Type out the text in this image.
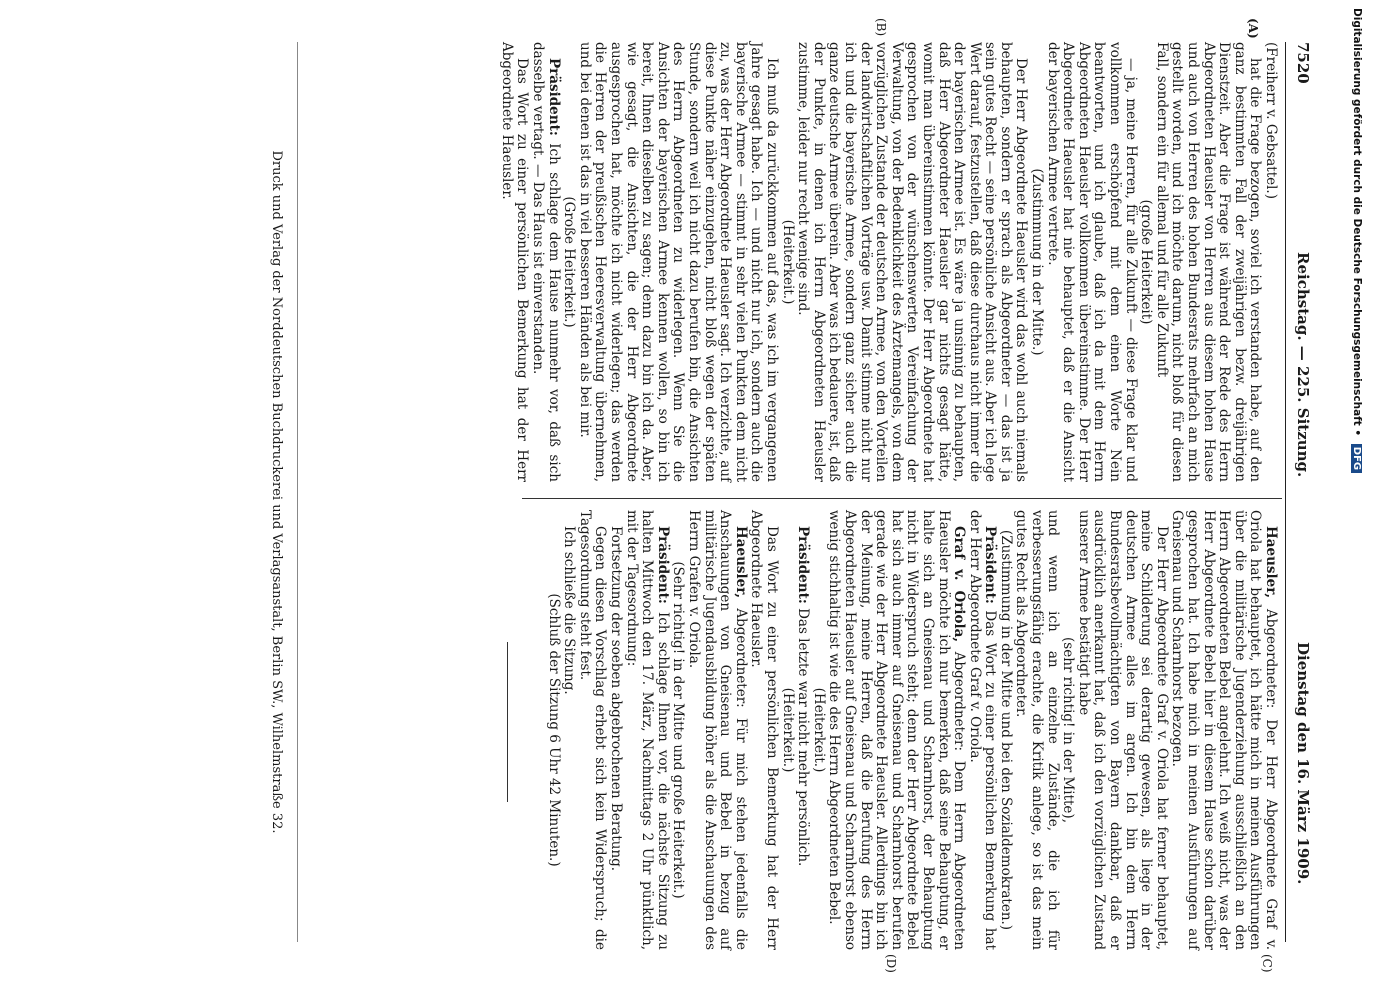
7520
Reichstag. — 225. Sitzung.
Dienstag den 16. März 1909.
(A)
(B)
(C)
(D)

(Freiherr v. Gebsattel.)

hat die Frage bezogen, soviel ich verstanden habe, auf den ganz bestimmten Fall der zweijährigen bezw. dreijährigen Dienstzeit. Aber die Frage ist während der Rede des Herrn Abgeordneten Haeusler von Herren aus diesem hohen Hause und auch von Herren des hohen Bundesrats mehrfach an mich gestellt worden, und ich möchte darum, nicht bloß für diesen Fall, sondern ein für allemal und für alle Zukunft

(große Heiterkeit)

— ja, meine Herren, für alle Zukunft — diese Frage klar und vollkommen erschöpfend mit dem einen Worte Nein beantworten, und ich glaube, daß ich da mit dem Herrn Abgeordneten Haeusler vollkommen übereinstimme. Der Herr Abgeordnete Haeusler hat nie behauptet, daß er die Ansicht der bayerischen Armee vertrete.

(Zustimmung in der Mitte.)

Der Herr Abgeordnete Haeusler wird das wohl auch niemals behaupten, sondern er sprach als Abgeordneter — das ist ja sein gutes Recht — seine persönliche Ansicht aus. Aber ich lege Wert darauf, festzustellen, daß diese durchaus nicht immer die der bayerischen Armee ist. Es wäre ja unsinnig zu behaupten, daß Herr Abgeordneter Haeusler gar nichts gesagt hätte, womit man übereinstimmen könnte. Der Herr Abgeordnete hat gesprochen von der wünschenswerten Vereinfachung der Verwaltung, von der Bedenklichkeit des Ärztemangels, von dem vorzüglichen Zustande der deutschen Armee, von den Vorteilen der landwirtschaftlichen Vorträge usw. Damit stimme nicht nur ich und die bayerische Armee, sondern ganz sicher auch die ganze deutsche Armee überein. Aber was ich bedauere, ist, daß der Punkte, in denen ich Herrn Abgeordneten Haeusler zustimme, leider nur recht wenige sind.

(Heiterkeit.)

Ich muß da zurückkommen auf das, was ich im vergangenen Jahre gesagt habe. Ich — und nicht nur ich, sondern auch die bayerische Armee — stimmt in sehr vielen Punkten dem nicht zu, was der Herr Abgeordnete Haeusler sagt. Ich verzichte, auf diese Punkte näher einzugehen, nicht bloß wegen der späten Stunde, sondern weil ich nicht dazu berufen bin, die Ansichten des Herrn Abgeordneten zu widerlegen. Wenn Sie die Ansichten der bayerischen Armee kennen wollen, so bin ich bereit, Ihnen dieselben zu sagen; denn dazu bin ich da. Aber, wie gesagt, die Ansichten, die der Herr Abgeordnete ausgesprochen hat, möchte ich nicht widerlegen; das werden die Herren der preußischen Heeresverwaltung übernehmen, und bei denen ist das in viel besseren Händen als bei mir.

(Große Heiterkeit.)

Präsident: Ich schlage dem Hause nunmehr vor, daß sich dasselbe vertagt. — Das Haus ist einverstanden.

Das Wort zu einer persönlichen Bemerkung hat der Herr Abgeordnete Haeusler.

Haeusler, Abgeordneter: Der Herr Abgeordnete Graf v. Oriola hat behauptet, ich hätte mich in meinen Ausführungen über die militärische Jugenderziehung ausschließlich an den Herrn Abgeordneten Bebel angelehnt. Ich weiß nicht, was der Herr Abgeordnete Bebel hier in diesem Hause schon darüber gesprochen hat. Ich habe mich in meinen Ausführungen auf Gneisenau und Scharnhorst bezogen.

Der Herr Abgeordnete Graf v. Oriola hat ferner behauptet, meine Schilderung sei derartig gewesen, als liege in der deutschen Armee alles im argen. Ich bin dem Herrn Bundesratsbevollmächtigten von Bayern dankbar, daß er ausdrücklich anerkannt hat, daß ich den vorzüglichen Zustand unserer Armee bestätigt habe

(sehr richtig! in der Mitte),

und wenn ich an einzelne Zustände, die ich für verbesserungsfähig erachte, die Kritik anlege, so ist das mein gutes Recht als Abgeordneter.

(Zustimmung in der Mitte und bei den Sozialdemokraten.)

Präsident: Das Wort zu einer persönlichen Bemerkung hat der Herr Abgeordnete Graf v. Oriola.

Graf v. Oriola, Abgeordneter: Dem Herrn Abgeordneten Haeusler möchte ich nur bemerken, daß seine Behauptung, er halte sich an Gneisenau und Scharnhorst, der Behauptung nicht in Widerspruch steht; denn der Herr Abgeordnete Bebel hat sich auch immer auf Gneisenau und Scharnhorst berufen gerade wie der Herr Abgeordnete Haeusler. Allerdings bin ich der Meinung, meine Herren, daß die Berufung des Herrn Abgeordneten Haeusler auf Gneisenau und Scharnhorst ebenso wenig stichhaltig ist wie die des Herrn Abgeordneten Bebel.

(Heiterkeit.)

Präsident: Das letzte war nicht mehr persönlich.

(Heiterkeit.)

Das Wort zu einer persönlichen Bemerkung hat der Herr Abgeordnete Haeusler.

Haeusler, Abgeordneter: Für mich stehen jedenfalls die Anschauungen von Gneisenau und Bebel in bezug auf militärische Jugendausbildung höher als die Anschauungen des Herrn Grafen v. Oriola.

(Sehr richtig! in der Mitte und große Heiterkeit.)

Präsident: Ich schlage Ihnen vor, die nächste Sitzung zu halten Mittwoch den 17. März, Nachmittags 2 Uhr pünktlich, mit der Tagesordnung:

Fortsetzung der soeben abgebrochenen Beratung.

Gegen diesen Vorschlag erhebt sich kein Widerspruch; die Tagesordnung steht fest.

Ich schließe die Sitzung.

(Schluß der Sitzung 6 Uhr 42 Minuten.)

Druck und Verlag der Norddeutschen Buchdruckerei und Verlagsanstalt, Berlin SW., Wilhelmstraße 32.	Digitalisierung gefördert durch die Deutsche Forschungsgemeinschaft • DFG
